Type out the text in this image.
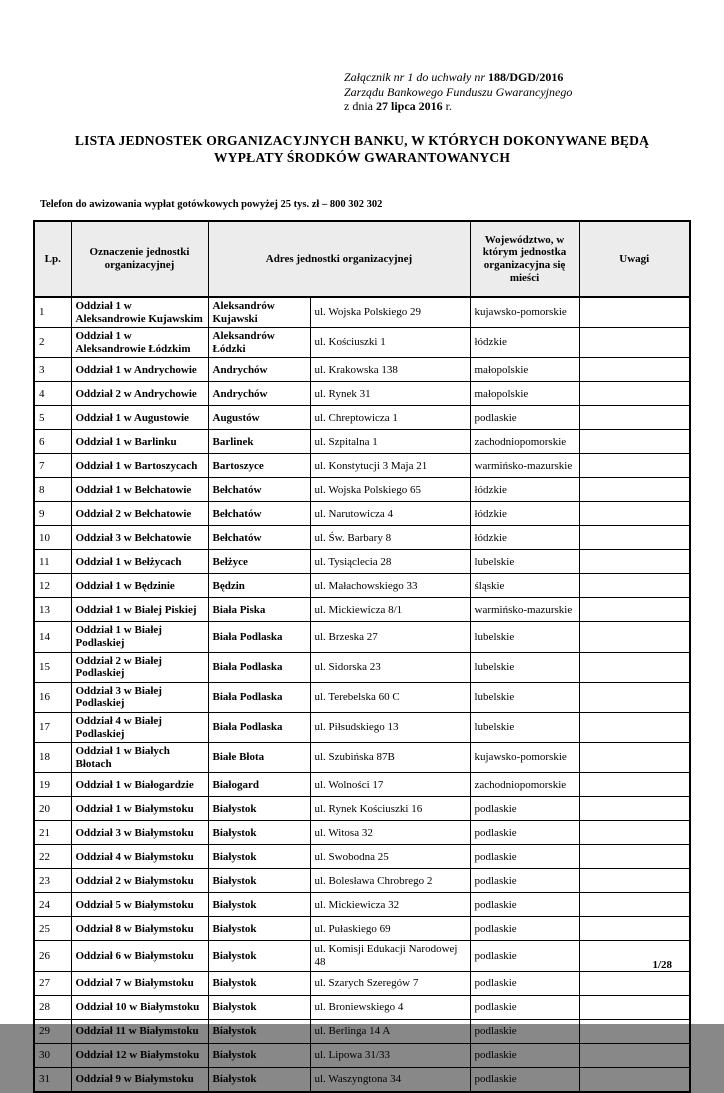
Załącznik nr 1 do uchwały nr 188/DGD/2016
Zarządu Bankowego Funduszu Gwarancyjnego
z dnia 27 lipca 2016 r.
LISTA JEDNOSTEK ORGANIZACYJNYCH BANKU, W KTÓRYCH DOKONYWANE BĘDĄ WYPŁATY ŚRODKÓW GWARANTOWANYCH
Telefon do awizowania wypłat gotówkowych powyżej 25 tys. zł – 800 302 302
Lp.	Oznaczenie jednostki organizacyjnej	Adres jednostki organizacyjnej		Województwo, w którym jednostka organizacyjna się mieści	Uwagi
1	Oddział 1 w Aleksandrowie Kujawskim	Aleksandrów Kujawski	ul. Wojska Polskiego 29	kujawsko-pomorskie	
2	Oddział 1 w Aleksandrowie Łódzkim	Aleksandrów Łódzki	ul. Kościuszki 1	łódzkie	
3	Oddział 1 w Andrychowie	Andrychów	ul. Krakowska 138	małopolskie	
4	Oddział 2 w Andrychowie	Andrychów	ul. Rynek 31	małopolskie	
5	Oddział 1 w Augustowie	Augustów	ul. Chreptowicza 1	podlaskie	
6	Oddział 1 w Barlinku	Barlinek	ul. Szpitalna 1	zachodniopomorskie	
7	Oddział 1 w Bartoszycach	Bartoszyce	ul. Konstytucji 3 Maja 21	warmińsko-mazurskie	
8	Oddział 1 w Bełchatowie	Bełchatów	ul. Wojska Polskiego 65	łódzkie	
9	Oddział 2 w Bełchatowie	Bełchatów	ul. Narutowicza 4	łódzkie	
10	Oddział 3 w Bełchatowie	Bełchatów	ul. Św. Barbary 8	łódzkie	
11	Oddział 1 w Bełżycach	Bełżyce	ul. Tysiąclecia 28	lubelskie	
12	Oddział 1 w Będzinie	Będzin	ul. Małachowskiego 33	śląskie	
13	Oddział 1 w Białej Piskiej	Biała Piska	ul. Mickiewicza 8/1	warmińsko-mazurskie	
14	Oddział 1 w Białej Podlaskiej	Biała Podlaska	ul. Brzeska 27	lubelskie	
15	Oddział 2 w Białej Podlaskiej	Biała Podlaska	ul. Sidorska 23	lubelskie	
16	Oddział 3 w Białej Podlaskiej	Biała Podlaska	ul. Terebelska 60 C	lubelskie	
17	Oddział 4 w Białej Podlaskiej	Biała Podlaska	ul. Piłsudskiego 13	lubelskie	
18	Oddział 1 w Białych Błotach	Białe Błota	ul. Szubińska 87B	kujawsko-pomorskie	
19	Oddział 1 w Białogardzie	Białogard	ul. Wolności 17	zachodniopomorskie	
20	Oddział 1 w Białymstoku	Białystok	ul. Rynek Kościuszki 16	podlaskie	
21	Oddział 3 w Białymstoku	Białystok	ul. Witosa 32	podlaskie	
22	Oddział 4 w Białymstoku	Białystok	ul. Swobodna 25	podlaskie	
23	Oddział 2 w Białymstoku	Białystok	ul. Bolesława Chrobrego 2	podlaskie	
24	Oddział 5 w Białymstoku	Białystok	ul. Mickiewicza 32	podlaskie	
25	Oddział 8 w Białymstoku	Białystok	ul. Pułaskiego 69	podlaskie	
26	Oddział 6 w Białymstoku	Białystok	ul. Komisji Edukacji Narodowej 48	podlaskie	
27	Oddział 7 w Białymstoku	Białystok	ul. Szarych Szeregów 7	podlaskie	
28	Oddział 10 w Białymstoku	Białystok	ul. Broniewskiego 4	podlaskie	
29	Oddział 11 w Białymstoku	Białystok	ul. Berlinga 14 A	podlaskie	
30	Oddział 12 w Białymstoku	Białystok	ul. Lipowa 31/33	podlaskie	
31	Oddział 9 w Białymstoku	Białystok	ul. Waszyngtona 34	podlaskie	
1/28
